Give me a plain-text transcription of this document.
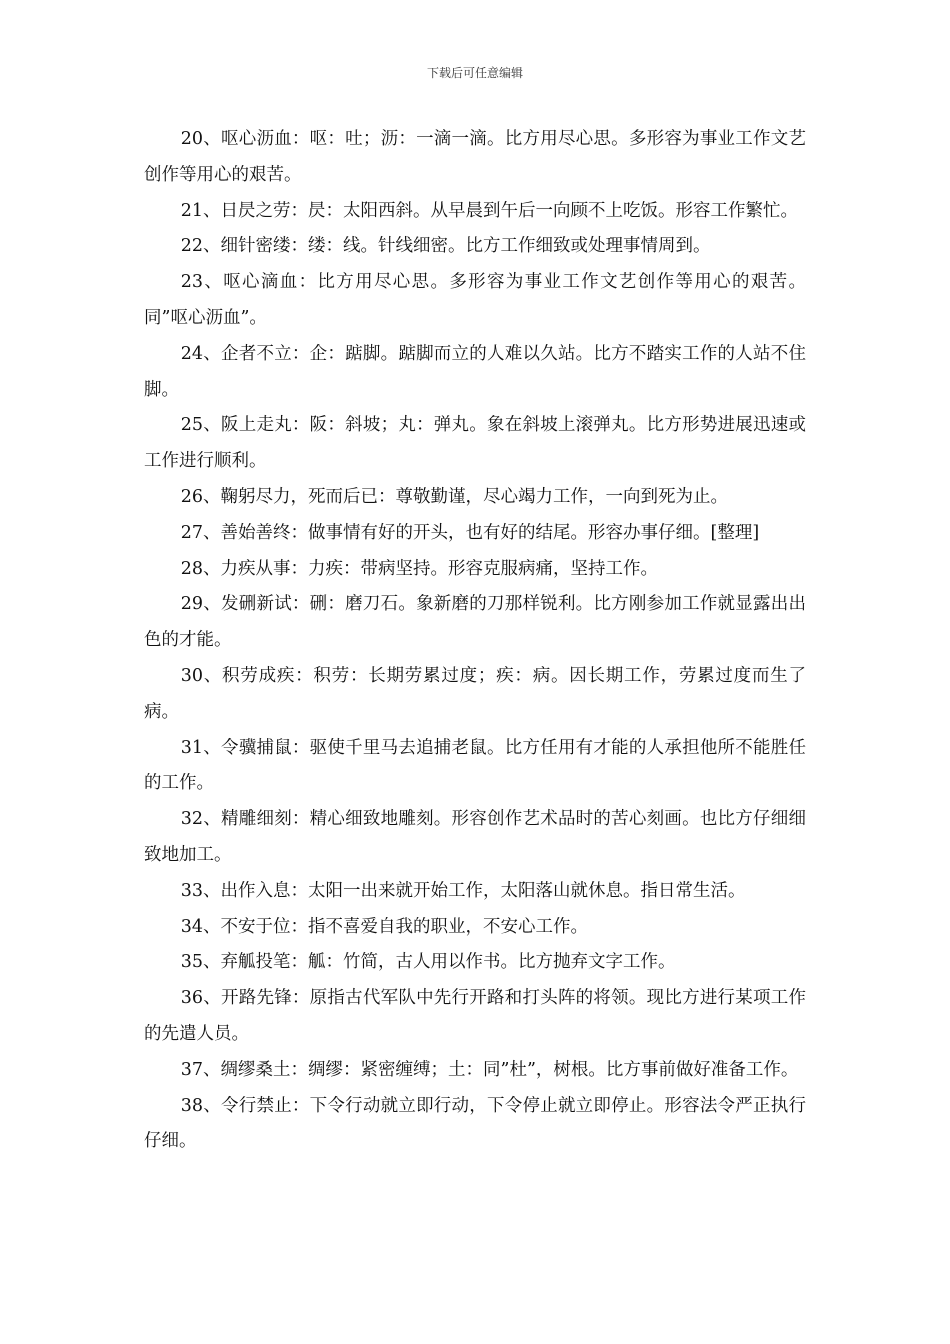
下载后可任意编辑

20、呕心沥血：呕：吐；沥：一滴一滴。比方用尽心思。多形容为事业工作文艺创作等用心的艰苦。

21、日昃之劳：昃：太阳西斜。从早晨到午后一向顾不上吃饭。形容工作繁忙。

22、细针密缕：缕：线。针线细密。比方工作细致或处理事情周到。

23、呕心滴血：比方用尽心思。多形容为事业工作文艺创作等用心的艰苦。同”呕心沥血”。

24、企者不立：企：踮脚。踮脚而立的人难以久站。比方不踏实工作的人站不住脚。

25、阪上走丸：阪：斜坡；丸：弹丸。象在斜坡上滚弹丸。比方形势进展迅速或工作进行顺利。

26、鞠躬尽力，死而后已：尊敬勤谨，尽心竭力工作，一向到死为止。

27、善始善终：做事情有好的开头，也有好的结尾。形容办事仔细。[整理]

28、力疾从事：力疾：带病坚持。形容克服病痛，坚持工作。

29、发硎新试：硎：磨刀石。象新磨的刀那样锐利。比方刚参加工作就显露出出色的才能。

30、积劳成疾：积劳：长期劳累过度；疾：病。因长期工作，劳累过度而生了病。

31、令骥捕鼠：驱使千里马去追捕老鼠。比方任用有才能的人承担他所不能胜任的工作。

32、精雕细刻：精心细致地雕刻。形容创作艺术品时的苦心刻画。也比方仔细细致地加工。

33、出作入息：太阳一出来就开始工作，太阳落山就休息。指日常生活。

34、不安于位：指不喜爱自我的职业，不安心工作。

35、弃觚投笔：觚：竹简，古人用以作书。比方抛弃文字工作。

36、开路先锋：原指古代军队中先行开路和打头阵的将领。现比方进行某项工作的先遣人员。

37、绸缪桑土：绸缪：紧密缠缚；土：同”杜”，树根。比方事前做好准备工作。

38、令行禁止：下令行动就立即行动，下令停止就立即停止。形容法令严正执行仔细。
